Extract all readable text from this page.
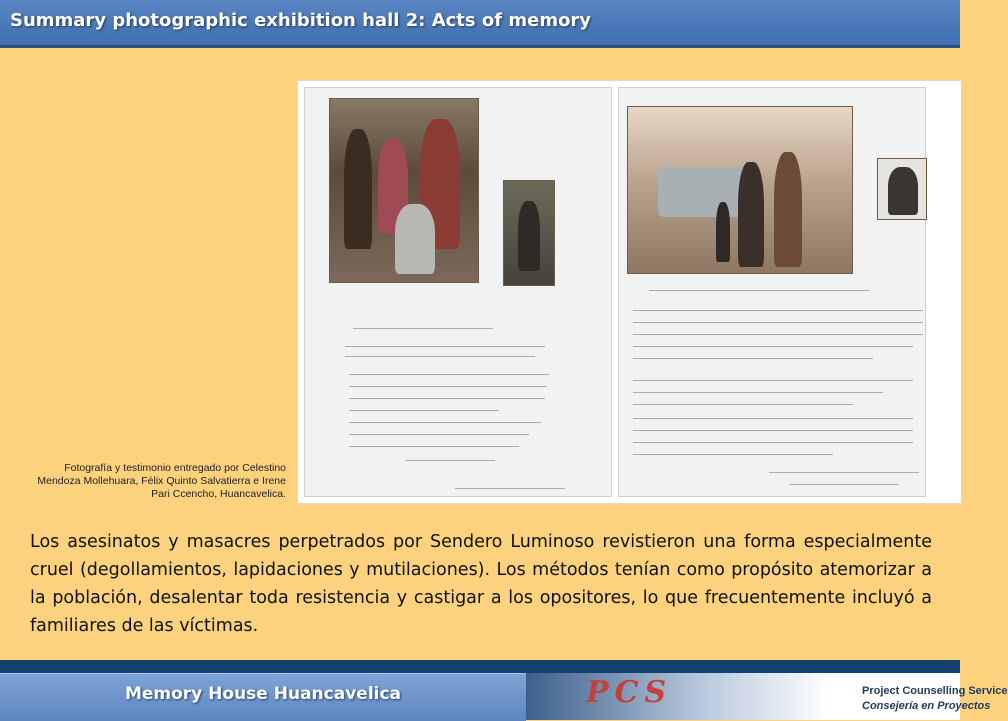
Summary photographic exhibition hall 2: Acts of memory
Fotografía y testimonio entregado por Celestino Mendoza Mollehuara, Félix Quinto Salvatierra e Irene Pari Ccencho, Huancavelica.
Los asesinatos y masacres perpetrados por Sendero Luminoso revistieron una forma especialmente cruel (degollamientos, lapidaciones y mutilaciones). Los métodos tenían como propósito atemorizar a la población, desalentar toda resistencia y castigar a los opositores, lo que frecuentemente incluyó a familiares de las víctimas.
Memory House Huancavelica	PCS	Project Counselling Service
Consejería en Proyectos
